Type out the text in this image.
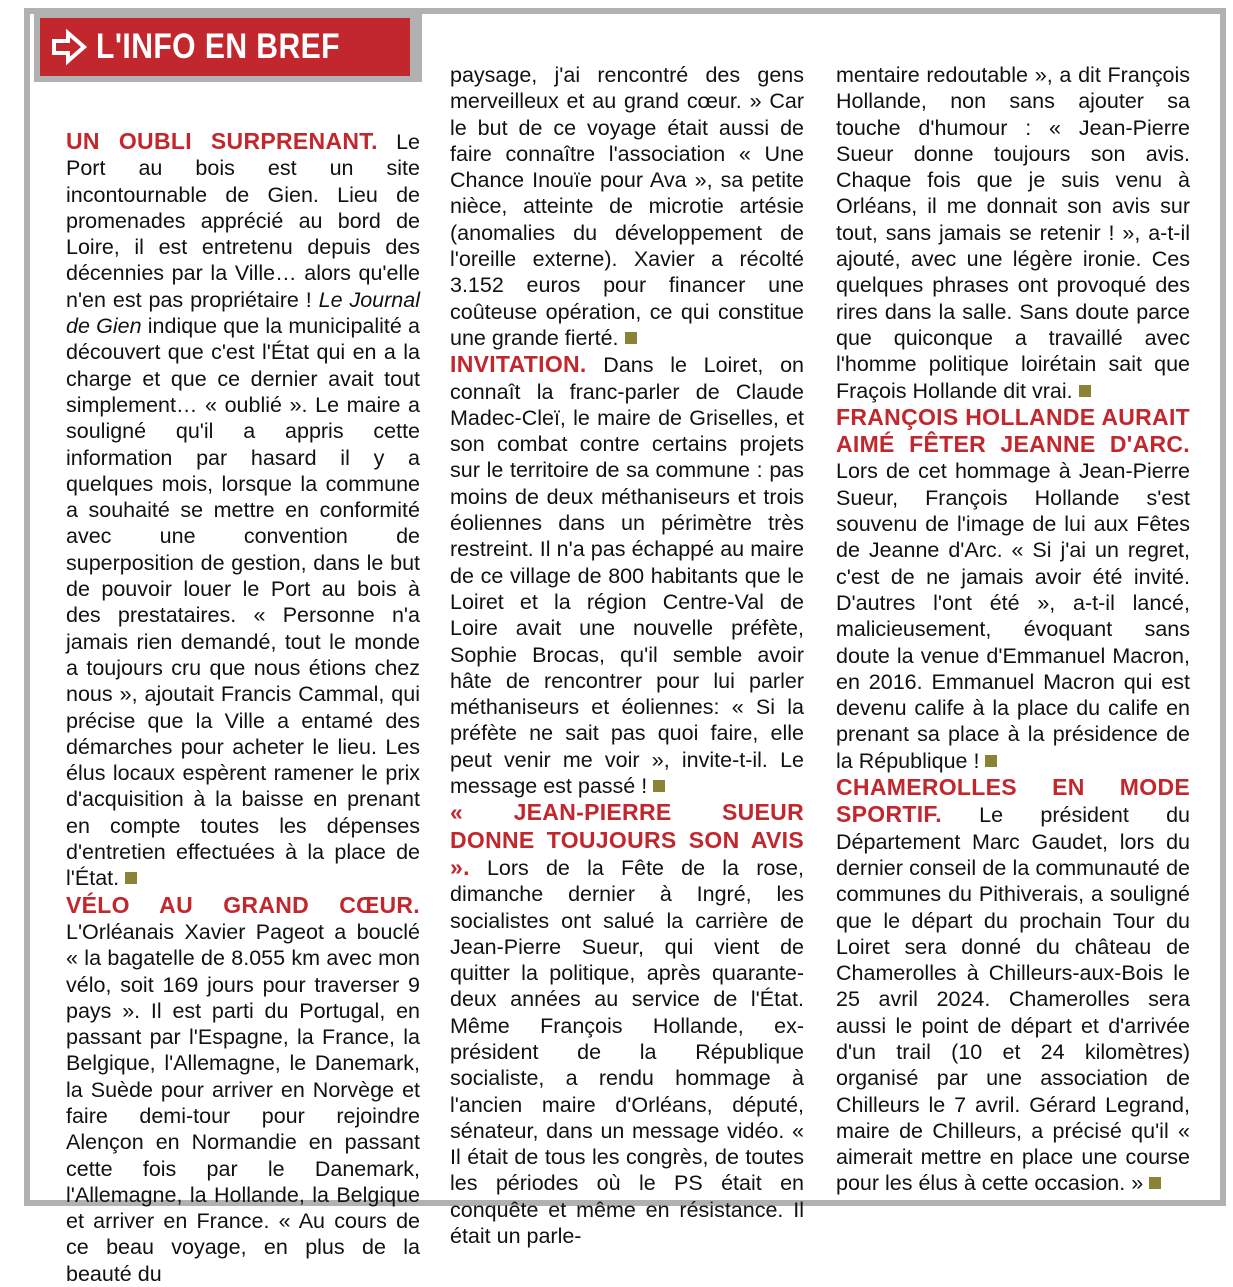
L'INFO EN BREF

UN OUBLI SURPRENANT. Le Port au bois est un site incontournable de Gien. Lieu de promenades apprécié au bord de Loire, il est entretenu depuis des décennies par la Ville… alors qu'elle n'en est pas propriétaire ! Le Journal de Gien indique que la municipalité a découvert que c'est l'État qui en a la charge et que ce dernier avait tout simplement… « oublié ». Le maire a souligné qu'il a appris cette information par hasard il y a quelques mois, lorsque la commune a souhaité se mettre en conformité avec une convention de superposition de gestion, dans le but de pouvoir louer le Port au bois à des prestataires. « Personne n'a jamais rien demandé, tout le monde a toujours cru que nous étions chez nous », ajoutait Francis Cammal, qui précise que la Ville a entamé des démarches pour acheter le lieu. Les élus locaux espèrent ramener le prix d'acquisition à la baisse en prenant en compte toutes les dépenses d'entretien effectuées à la place de l'État.

VÉLO AU GRAND CŒUR. L'Orléanais Xavier Pageot a bouclé « la bagatelle de 8.055 km avec mon vélo, soit 169 jours pour traverser 9 pays ». Il est parti du Portugal, en passant par l'Espagne, la France, la Belgique, l'Allemagne, le Danemark, la Suède pour arriver en Norvège et faire demi-tour pour rejoindre Alençon en Normandie en passant cette fois par le Danemark, l'Allemagne, la Hollande, la Belgique et arriver en France. « Au cours de ce beau voyage, en plus de la beauté du

paysage, j'ai rencontré des gens merveilleux et au grand cœur. » Car le but de ce voyage était aussi de faire connaître l'association « Une Chance Inouïe pour Ava », sa petite nièce, atteinte de microtie artésie (anomalies du développement de l'oreille externe). Xavier a récolté 3.152 euros pour financer une coûteuse opération, ce qui constitue une grande fierté.

INVITATION. Dans le Loiret, on connaît la franc-parler de Claude Madec-Cleï, le maire de Griselles, et son combat contre certains projets sur le territoire de sa commune : pas moins de deux méthaniseurs et trois éoliennes dans un périmètre très restreint. Il n'a pas échappé au maire de ce village de 800 habitants que le Loiret et la région Centre-Val de Loire avait une nouvelle préfète, Sophie Brocas, qu'il semble avoir hâte de rencontrer pour lui parler méthaniseurs et éoliennes: « Si la préfète ne sait pas quoi faire, elle peut venir me voir », invite-t-il. Le message est passé !

« JEAN-PIERRE SUEUR DONNE TOUJOURS SON AVIS ». Lors de la Fête de la rose, dimanche dernier à Ingré, les socialistes ont salué la carrière de Jean-Pierre Sueur, qui vient de quitter la politique, après quarante-deux années au service de l'État. Même François Hollande, ex-président de la République socialiste, a rendu hommage à l'ancien maire d'Orléans, député, sénateur, dans un message vidéo. « Il était de tous les congrès, de toutes les périodes où le PS était en conquête et même en résistance. Il était un parle-

mentaire redoutable », a dit François Hollande, non sans ajouter sa touche d'humour : « Jean-Pierre Sueur donne toujours son avis. Chaque fois que je suis venu à Orléans, il me donnait son avis sur tout, sans jamais se retenir ! », a-t-il ajouté, avec une légère ironie. Ces quelques phrases ont provoqué des rires dans la salle. Sans doute parce que quiconque a travaillé avec l'homme politique loirétain sait que Fraçois Hollande dit vrai.

FRANÇOIS HOLLANDE AURAIT AIMÉ FÊTER JEANNE D'ARC. Lors de cet hommage à Jean-Pierre Sueur, François Hollande s'est souvenu de l'image de lui aux Fêtes de Jeanne d'Arc. « Si j'ai un regret, c'est de ne jamais avoir été invité. D'autres l'ont été », a-t-il lancé, malicieusement, évoquant sans doute la venue d'Emmanuel Macron, en 2016. Emmanuel Macron qui est devenu calife à la place du calife en prenant sa place à la présidence de la République !

CHAMEROLLES EN MODE SPORTIF. Le président du Département Marc Gaudet, lors du dernier conseil de la communauté de communes du Pithiverais, a souligné que le départ du prochain Tour du Loiret sera donné du château de Chamerolles à Chilleurs-aux-Bois le 25 avril 2024. Chamerolles sera aussi le point de départ et d'arrivée d'un trail (10 et 24 kilomètres) organisé par une association de Chilleurs le 7 avril. Gérard Legrand, maire de Chilleurs, a précisé qu'il « aimerait mettre en place une course pour les élus à cette occasion. »
